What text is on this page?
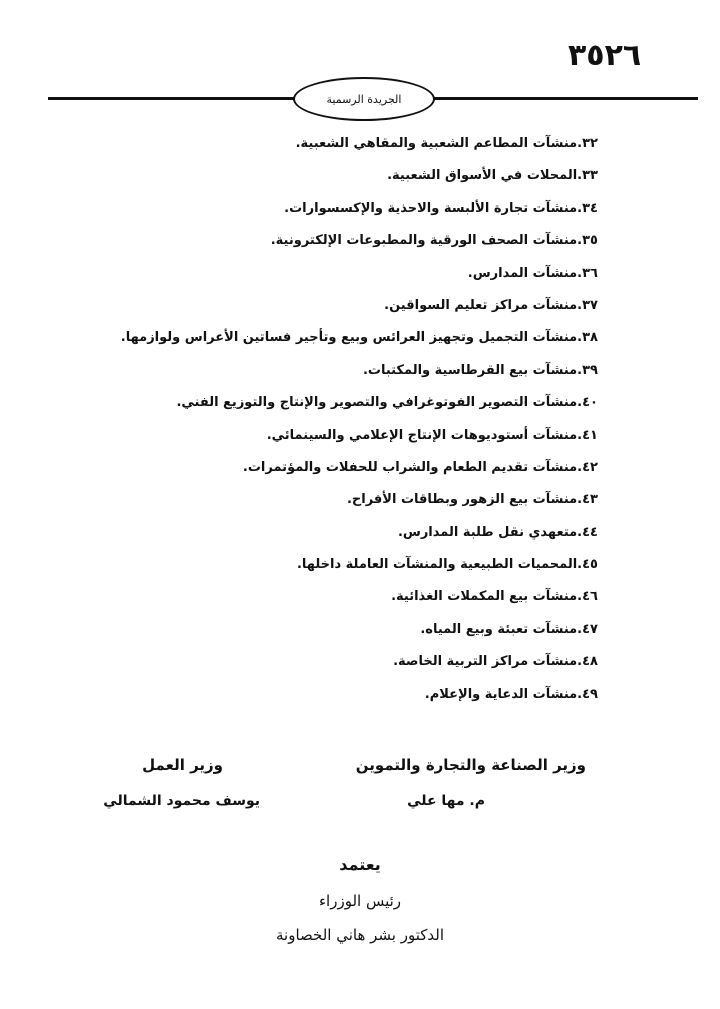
٣٥٢٦
الجريدة الرسمية
٣٢.منشآت المطاعم الشعبية والمقاهي الشعبية.
٣٣.المحلات في الأسواق الشعبية.
٣٤.منشآت تجارة الألبسة والاحذية والإكسسوارات.
٣٥.منشآت الصحف الورقية والمطبوعات الإلكترونية.
٣٦.منشآت المدارس.
٣٧.منشآت مراكز تعليم السواقين.
٣٨.منشآت التجميل وتجهيز العرائس وبيع وتأجير فساتين الأعراس ولوازمها.
٣٩.منشآت بيع القرطاسية والمكتبات.
٤٠.منشآت التصوير الفوتوغرافي والتصوير والإنتاج والتوزيع الفني.
٤١.منشآت أستوديوهات الإنتاج الإعلامي والسينمائي.
٤٢.منشآت تقديم الطعام والشراب للحفلات والمؤتمرات.
٤٣.منشآت بيع الزهور وبطاقات الأفراح.
٤٤.متعهدي نقل طلبة المدارس.
٤٥.المحميات الطبيعية والمنشآت العاملة داخلها.
٤٦.منشآت بيع المكملات الغذائية.
٤٧.منشآت تعبئة وبيع المياه.
٤٨.منشآت مراكز التربية الخاصة.
٤٩.منشآت الدعاية والإعلام.
وزير الصناعة والتجارة والتموين
م. مها علي
وزير العمل
يوسف محمود الشمالي
يعتمد
رئيس الوزراء
الدكتور بشر هاني الخصاونة
